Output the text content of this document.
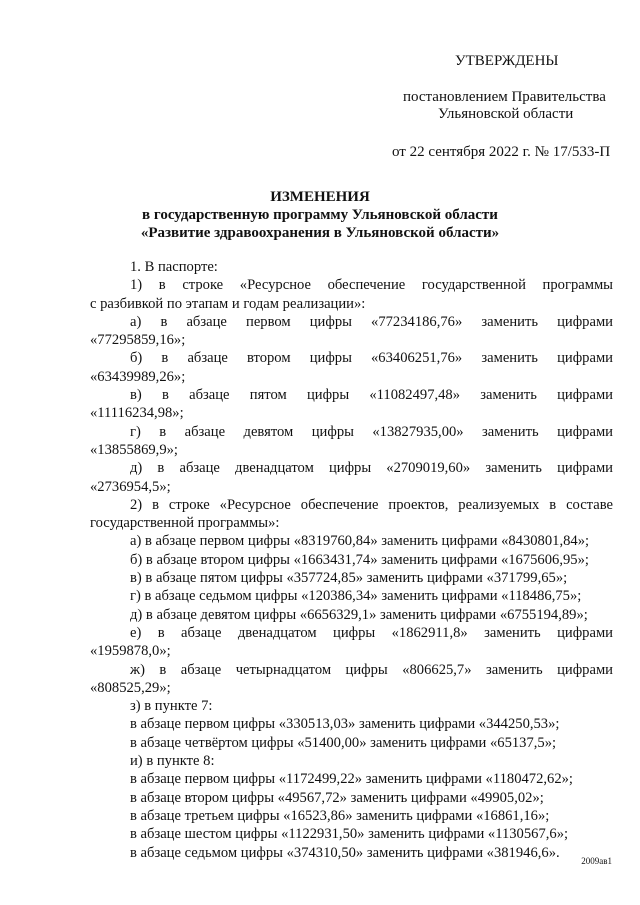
УТВЕРЖДЕНЫ
постановлением Правительства
Ульяновской области
от 22 сентября 2022 г. № 17/533-П
ИЗМЕНЕНИЯ
в государственную программу Ульяновской области
«Развитие здравоохранения в Ульяновской области»
1. В паспорте:
1) в строке «Ресурсное обеспечение государственной программы
с разбивкой по этапам и годам реализации»:
а) в абзаце первом цифры «77234186,76» заменить цифрами
«77295859,16»;
б) в абзаце втором цифры «63406251,76» заменить цифрами
«63439989,26»;
в) в абзаце пятом цифры «11082497,48» заменить цифрами
«11116234,98»;
г) в абзаце девятом цифры «13827935,00» заменить цифрами
«13855869,9»;
д) в абзаце двенадцатом цифры «2709019,60» заменить цифрами
«2736954,5»;
2) в строке «Ресурсное обеспечение проектов, реализуемых в составе
государственной программы»:
а) в абзаце первом цифры «8319760,84» заменить цифрами «8430801,84»;
б) в абзаце втором цифры «1663431,74» заменить цифрами «1675606,95»;
в) в абзаце пятом цифры «357724,85» заменить цифрами «371799,65»;
г) в абзаце седьмом цифры «120386,34» заменить цифрами «118486,75»;
д) в абзаце девятом цифры «6656329,1» заменить цифрами «6755194,89»;
е) в абзаце двенадцатом цифры «1862911,8» заменить цифрами
«1959878,0»;
ж) в абзаце четырнадцатом цифры «806625,7» заменить цифрами
«808525,29»;
з) в пункте 7:
в абзаце первом цифры «330513,03» заменить цифрами «344250,53»;
в абзаце четвёртом цифры «51400,00» заменить цифрами «65137,5»;
и) в пункте 8:
в абзаце первом цифры «1172499,22» заменить цифрами «1180472,62»;
в абзаце втором цифры «49567,72» заменить цифрами «49905,02»;
в абзаце третьем цифры «16523,86» заменить цифрами «16861,16»;
в абзаце шестом цифры «1122931,50» заменить цифрами «1130567,6»;
в абзаце седьмом цифры «374310,50» заменить цифрами «381946,6».
2009ав1
